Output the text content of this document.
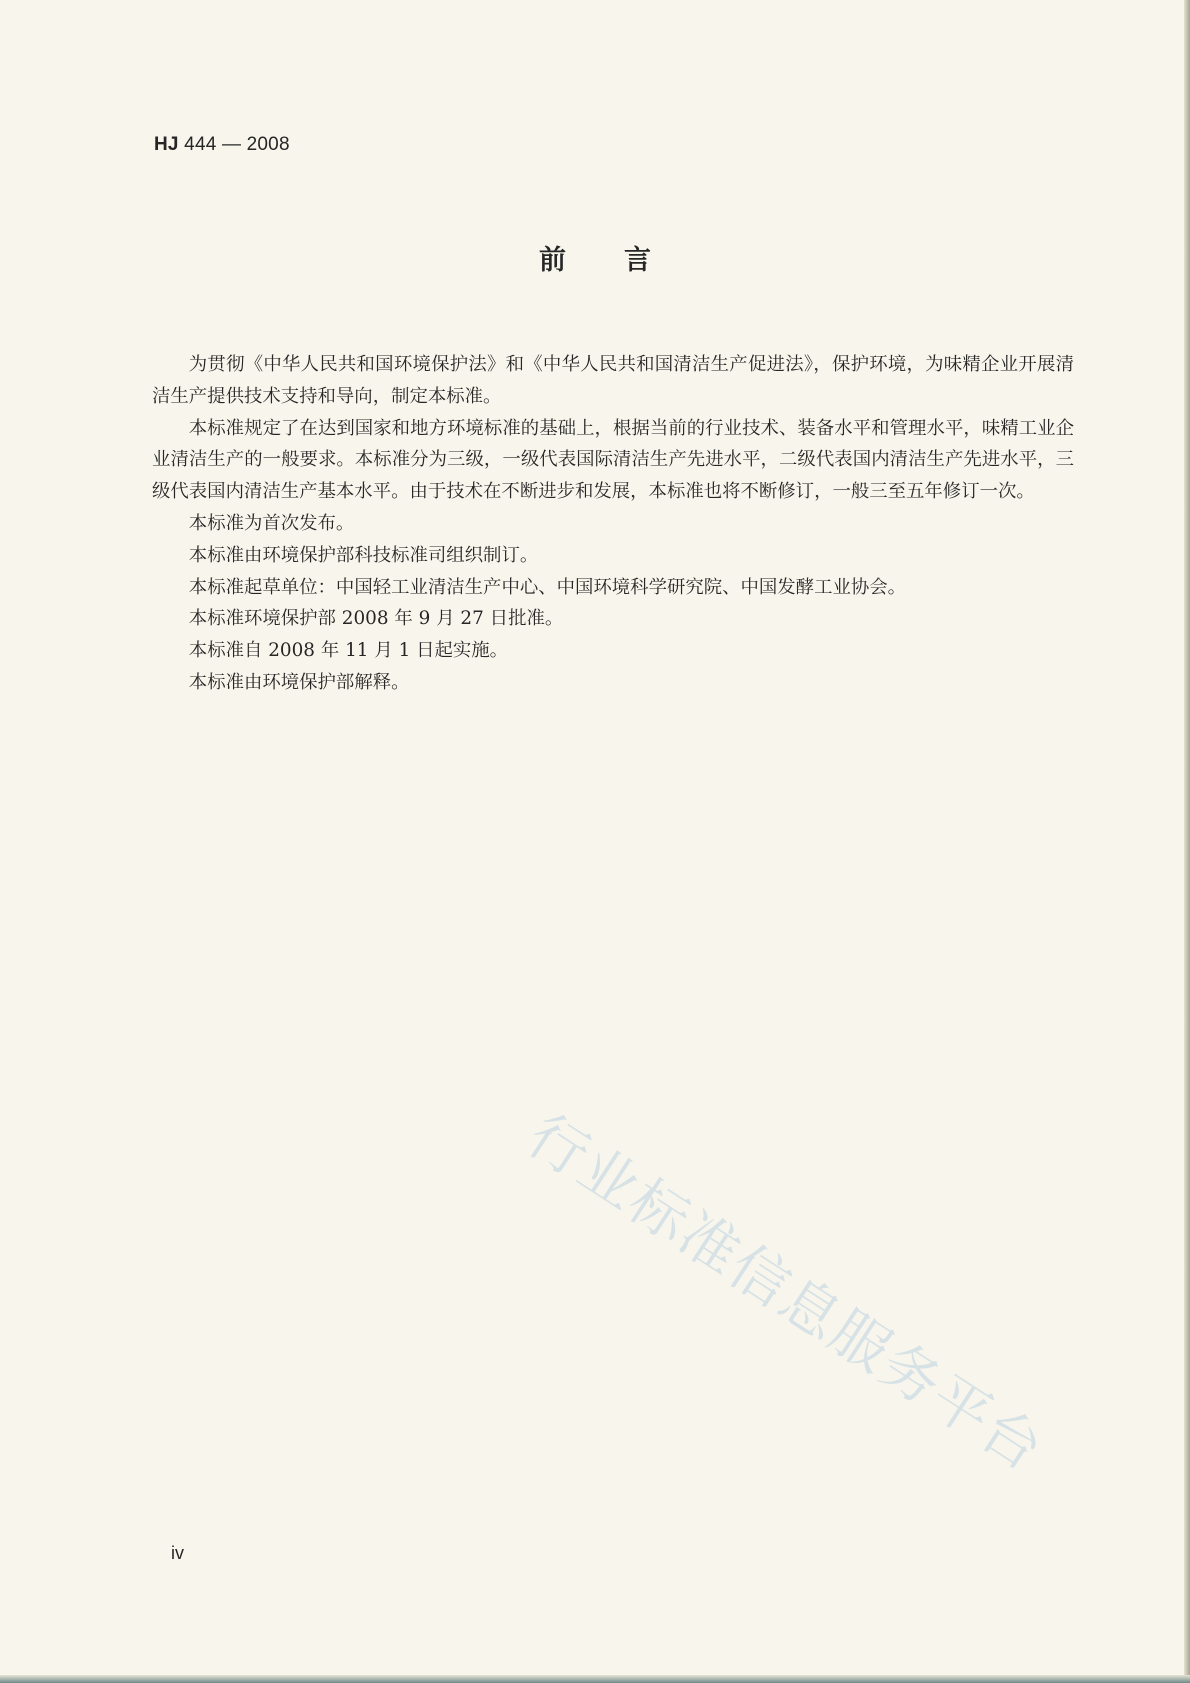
HJ 444 — 2008
前言

为贯彻《中华人民共和国环境保护法》和《中华人民共和国清洁生产促进法》，保护环境，为味精企业开展清洁生产提供技术支持和导向，制定本标准。

本标准规定了在达到国家和地方环境标准的基础上，根据当前的行业技术、装备水平和管理水平，味精工业企业清洁生产的一般要求。本标准分为三级，一级代表国际清洁生产先进水平，二级代表国内清洁生产先进水平，三级代表国内清洁生产基本水平。由于技术在不断进步和发展，本标准也将不断修订，一般三至五年修订一次。

本标准为首次发布。

本标准由环境保护部科技标准司组织制订。

本标准起草单位：中国轻工业清洁生产中心、中国环境科学研究院、中国发酵工业协会。

本标准环境保护部 2008 年 9 月 27 日批准。

本标准自 2008 年 11 月 1 日起实施。

本标准由环境保护部解释。

行业标准信息服务平台
iv
